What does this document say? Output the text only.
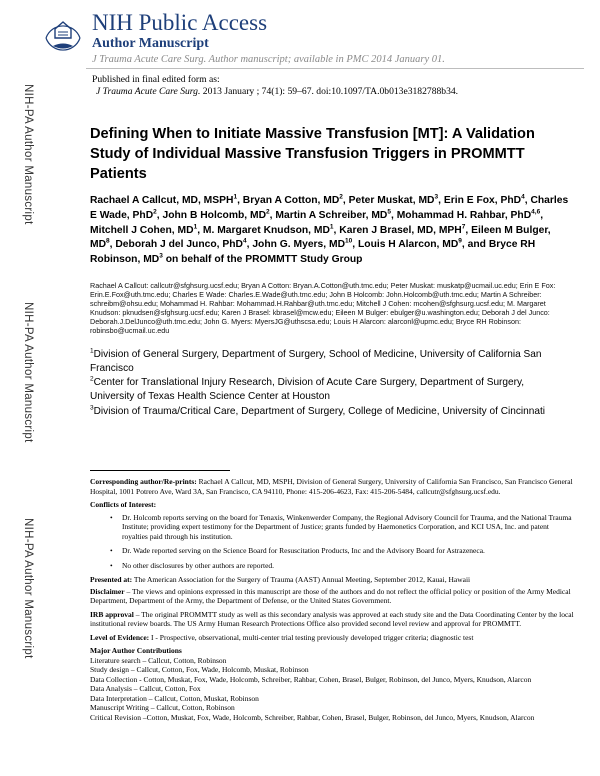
NIH Public Access
Author Manuscript
J Trauma Acute Care Surg. Author manuscript; available in PMC 2014 January 01.
NIH-PA Author Manuscript
NIH-PA Author Manuscript
NIH-PA Author Manuscript
Published in final edited form as:
J Trauma Acute Care Surg. 2013 January ; 74(1): 59–67. doi:10.1097/TA.0b013e3182788b34.
Defining When to Initiate Massive Transfusion [MT]: A Validation Study of Individual Massive Transfusion Triggers in PROMMTT Patients
Rachael A Callcut, MD, MSPH$^1$, Bryan A Cotton, $MD^2$, Peter Muskat, $MD^3$, Erin E Fox, PhD$^4$, Charles E Wade, PhD$^2$, John B Holcomb, $MD^2$, Martin A Schreiber, $MD^5$, Mohammad H. Rahbar, PhD$^{4,6}$, Mitchell J Cohen, $MD^1$, M. Margaret Knudson, $MD^1$, Karen J Brasel, MD, MPH$^7$, Eileen M Bulger, $MD^8$, Deborah J del Junco, PhD$^4$, John G. Myers, MD$^{10}$, Louis H Alarcon, $MD^9$, and Bryce RH Robinson, $MD^3$ on behalf of the PROMMTT Study Group
Rachael A Callcut: callcutr@sfghsurg.ucsf.edu; Bryan A Cotton: Bryan.A.Cotton@uth.tmc.edu; Peter Muskat: muskatp@ucmail.uc.edu; Erin E Fox: Erin.E.Fox@uth.tmc.edu; Charles E Wade: Charles.E.Wade@uth.tmc.edu; John B Holcomb: John.Holcomb@uth.tmc.edu; Martin A Schreiber: schreibm@ohsu.edu; Mohammad H. Rahbar: Mohammad.H.Rahbar@uth.tmc.edu; Mitchell J Cohen: mcohen@sfghsurg.ucsf.edu; M. Margaret Knudson: pknudsen@sfghsurg.ucsf.edu; Karen J Brasel: kbrasel@mcw.edu; Eileen M Bulger: ebulger@u.washington.edu; Deborah J del Junco: Deborah.J.DelJunco@uth.tmc.edu; John G. Myers: MyersJG@uthscsa.edu; Louis H Alarcon: alarconl@upmc.edu; Bryce RH Robinson: robinsbo@ucmail.uc.edu
$^1$Division of General Surgery, Department of Surgery, School of Medicine, University of California San Francisco
$^2$Center for Translational Injury Research, Division of Acute Care Surgery, Department of Surgery, University of Texas Health Science Center at Houston
$^3$Division of Trauma/Critical Care, Department of Surgery, College of Medicine, University of Cincinnati

Corresponding author/Re-prints: Rachael A Callcut, MD, MSPH, Division of General Surgery, University of California San Francisco, San Francisco General Hospital, 1001 Potrero Ave, Ward 3A, San Francisco, CA 94110, Phone: 415-206-4623, Fax: 415-206-5484, callcutr@sfghsurg.ucsf.edu.

Conflicts of Interest:

• Dr. Holcomb reports serving on the board for Tenaxis, Winkenwerder Company, the Regional Advisory Council for Trauma, and the National Trauma Institute; providing expert testimony for the Department of Justice; grants funded by Haemonetics Corporation, and KCI USA, Inc. and patent royalties paid through his institution.
• Dr. Wade reported serving on the Science Board for Resuscitation Products, Inc and the Advisory Board for Astrazeneca.
• No other disclosures by other authors are reported.

Presented at: The American Association for the Surgery of Trauma (AAST) Annual Meeting, September 2012, Kauai, Hawaii

Disclaimer – The views and opinions expressed in this manuscript are those of the authors and do not reflect the official policy or position of the Army Medical Department, Department of the Army, the Department of Defense, or the United States Government.

IRB approval – The original PROMMTT study as well as this secondary analysis was approved at each study site and the Data Coordinating Center by the local institutional review boards. The US Army Human Research Protections Office also provided second level review and approval for PROMMTT.

Level of Evidence: I - Prospective, observational, multi-center trial testing previously developed trigger criteria; diagnostic test

Major Author Contributions

Literature search – Callcut, Cotton, Robinson

Study design – Callcut, Cotton, Fox, Wade, Holcomb, Muskat, Robinson

Data Collection - Cotton, Muskat, Fox, Wade, Holcomb, Schreiber, Rahbar, Cohen, Brasel, Bulger, Robinson, del Junco, Myers, Knudson, Alarcon

Data Analysis – Callcut, Cotton, Fox

Data Interpretation – Callcut, Cotton, Muskat, Robinson

Manuscript Writing – Callcut, Cotton, Robinson

Critical Revision –Cotton, Muskat, Fox, Wade, Holcomb, Schreiber, Rahbar, Cohen, Brasel, Bulger, Robinson, del Junco, Myers, Knudson, Alarcon
